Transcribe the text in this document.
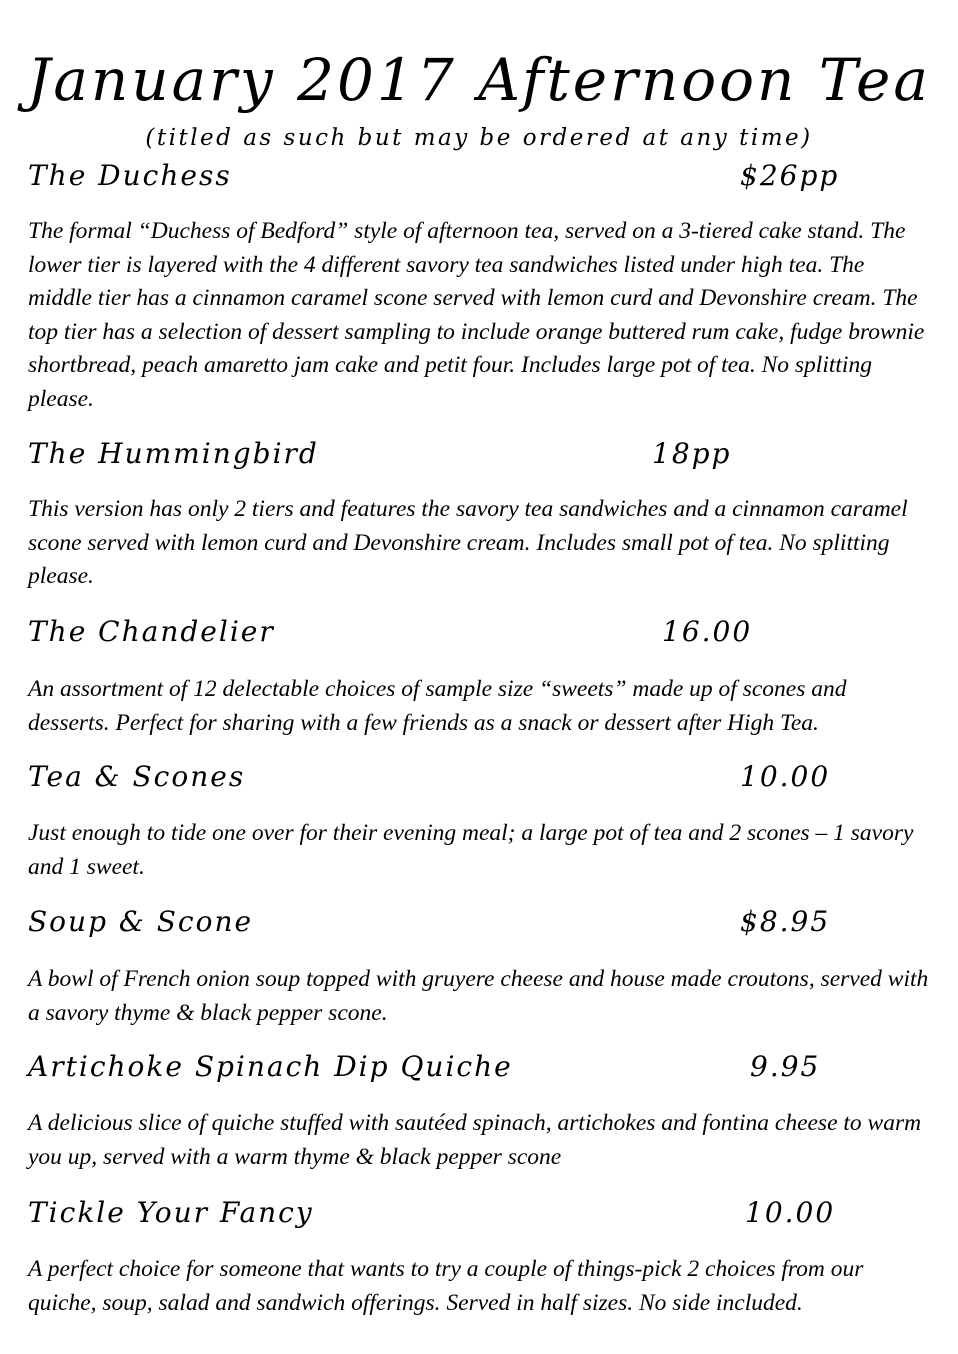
January 2017 Afternoon Tea
(titled as such but may be ordered at any time)
The Duchess	$26pp

The formal “Duchess of Bedford” style of afternoon tea, served on a 3-tiered cake stand. The lower tier is layered with the 4 different savory tea sandwiches listed under high tea. The middle tier has a cinnamon caramel scone served with lemon curd and Devonshire cream. The top tier has a selection of dessert sampling to include orange buttered rum cake, fudge brownie shortbread, peach amaretto jam cake and petit four. Includes large pot of tea. No splitting please.

The Hummingbird	18pp

This version has only 2 tiers and features the savory tea sandwiches and a cinnamon caramel scone served with lemon curd and Devonshire cream. Includes small pot of tea. No splitting please.

The Chandelier	16.00

An assortment of 12 delectable choices of sample size “sweets” made up of scones and desserts. Perfect for sharing with a few friends as a snack or dessert after High Tea.

Tea & Scones	10.00

Just enough to tide one over for their evening meal; a large pot of tea and 2 scones – 1 savory and 1 sweet.

Soup & Scone	$8.95

A bowl of French onion soup topped with gruyere cheese and house made croutons, served with a savory thyme & black pepper scone.

Artichoke Spinach Dip Quiche	9.95

A delicious slice of quiche stuffed with sautéed spinach, artichokes and fontina cheese to warm you up, served with a warm thyme & black pepper scone

Tickle Your Fancy	10.00

A perfect choice for someone that wants to try a couple of things-pick 2 choices from our quiche, soup, salad and sandwich offerings. Served in half sizes. No side included.
